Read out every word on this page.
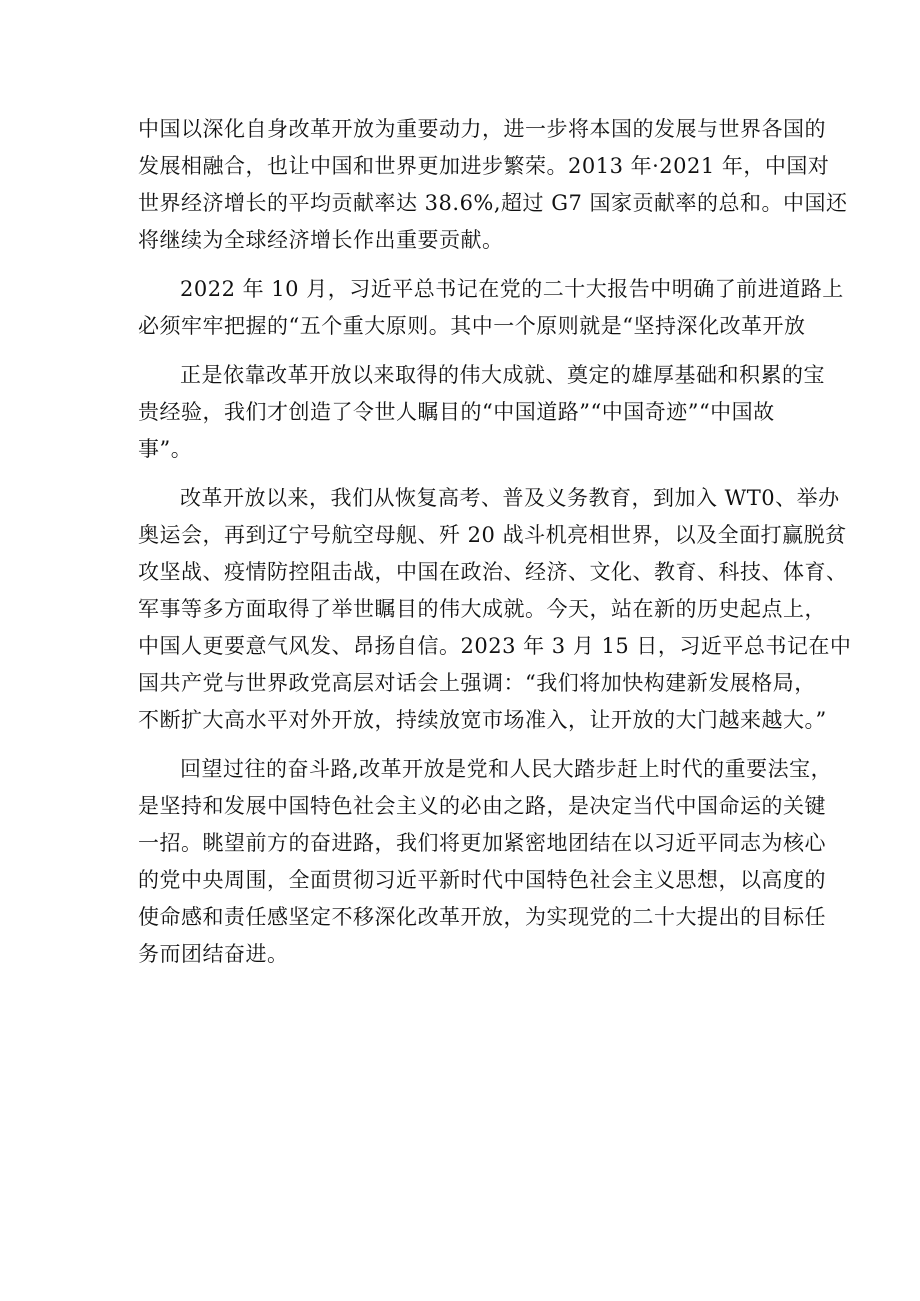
中国以深化自身改革开放为重要动力，进一步将本国的发展与世界各国的
发展相融合，也让中国和世界更加进步繁荣。2013 年·2021 年，中国对
世界经济增长的平均贡献率达 38.6%,超过 G7 国家贡献率的总和。中国还
将继续为全球经济增长作出重要贡献。
2022 年 10 月，习近平总书记在党的二十大报告中明确了前进道路上
必须牢牢把握的“五个重大原则。其中一个原则就是“坚持深化改革开放
正是依靠改革开放以来取得的伟大成就、奠定的雄厚基础和积累的宝
贵经验，我们才创造了令世人瞩目的“中国道路”“中国奇迹”“中国故
事”。
改革开放以来，我们从恢复高考、普及义务教育，到加入 WT0、举办
奥运会，再到辽宁号航空母舰、歼 20 战斗机亮相世界，以及全面打赢脱贫
攻坚战、疫情防控阻击战，中国在政治、经济、文化、教育、科技、体育、
军事等多方面取得了举世瞩目的伟大成就。今天，站在新的历史起点上，
中国人更要意气风发、昂扬自信。2023 年 3 月 15 日，习近平总书记在中
国共产党与世界政党高层对话会上强调：“我们将加快构建新发展格局，
不断扩大高水平对外开放，持续放宽市场准入，让开放的大门越来越大。”
回望过往的奋斗路,改革开放是党和人民大踏步赶上时代的重要法宝，
是坚持和发展中国特色社会主义的必由之路，是决定当代中国命运的关键
一招。眺望前方的奋进路，我们将更加紧密地团结在以习近平同志为核心
的党中央周围，全面贯彻习近平新时代中国特色社会主义思想，以高度的
使命感和责任感坚定不移深化改革开放，为实现党的二十大提出的目标任
务而团结奋进。
